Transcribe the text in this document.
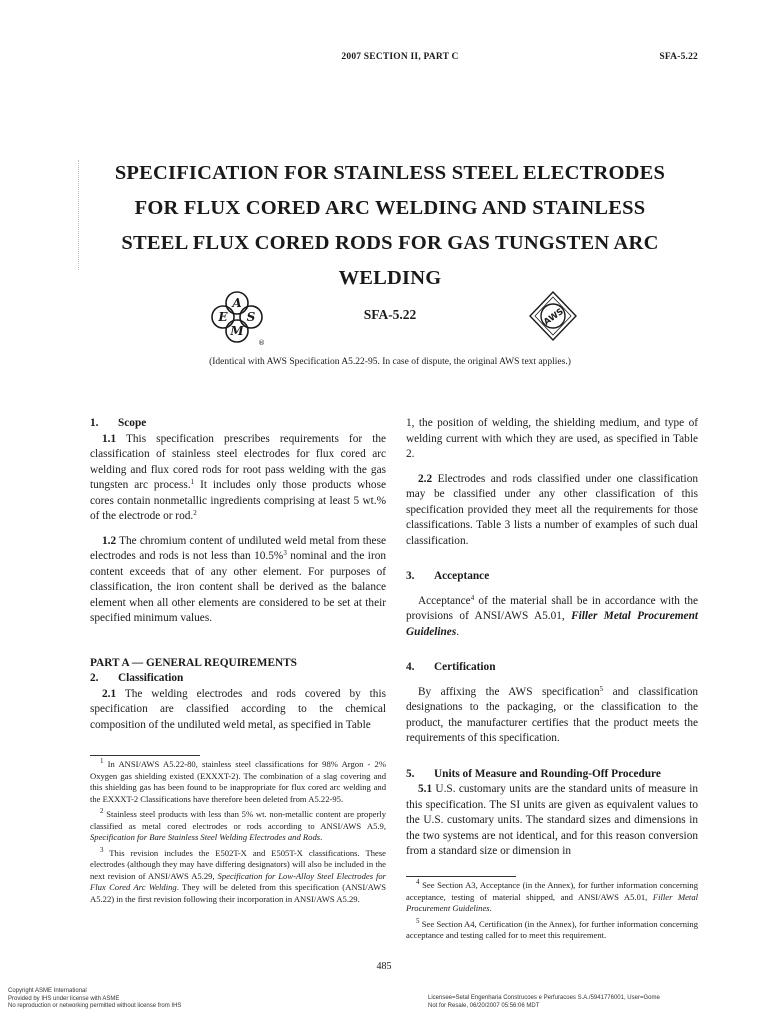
2007 SECTION II, PART C	SFA-5.22
SPECIFICATION FOR STAINLESS STEEL ELECTRODES
FOR FLUX CORED ARC WELDING AND STAINLESS
STEEL FLUX CORED RODS FOR GAS TUNGSTEN ARC
WELDING
A
E S
M
®
SFA-5.22	AWS
(Identical with AWS Specification A5.22-95. In case of dispute, the original AWS text applies.)

1. Scope

1.1 This specification prescribes requirements for the classification of stainless steel electrodes for flux cored arc welding and flux cored rods for root pass welding with the gas tungsten arc process.$^1$ It includes only those products whose cores contain nonmetallic ingredients comprising at least 5 wt.% of the electrode or rod.$^2$

1.2 The chromium content of undiluted weld metal from these electrodes and rods is not less than 10.5%$^3$ nominal and the iron content exceeds that of any other element. For purposes of classification, the iron content shall be derived as the balance element when all other elements are considered to be set at their specified minimum values.

PART A — GENERAL REQUIREMENTS

2. Classification

2.1 The welding electrodes and rods covered by this specification are classified according to the chemical composition of the undiluted weld metal, as specified in Table

$^1$ In ANSI/AWS A5.22-80, stainless steel classifications for 98% Argon - 2% Oxygen gas shielding existed (EXXXT-2). The combination of a slag covering and this shielding gas has been found to be inappropriate for flux cored arc welding and the EXXXT-2 Classifications have therefore been deleted from A5.22-95.

$^2$ Stainless steel products with less than 5% wt. non-metallic content are properly classified as metal cored electrodes or rods according to ANSI/AWS A5.9, Specification for Bare Stainless Steel Welding Electrodes and Rods.

$^3$ This revision includes the E502T-X and E505T-X classifications. These electrodes (although they may have differing designators) will also be included in the next revision of ANSI/AWS A5.29, Specification for Low-Alloy Steel Electrodes for Flux Cored Arc Welding. They will be deleted from this specification (ANSI/AWS A5.22) in the first revision following their incorporation in ANSI/AWS A5.29.

1, the position of welding, the shielding medium, and type of welding current with which they are used, as specified in Table 2.

2.2 Electrodes and rods classified under one classification may be classified under any other classification of this specification provided they meet all the requirements for those classifications. Table 3 lists a number of examples of such dual classification.

3. Acceptance

Acceptance$^4$ of the material shall be in accordance with the provisions of ANSI/AWS A5.01, Filler Metal Procurement Guidelines.

4. Certification

By affixing the AWS specification$^5$ and classification designations to the packaging, or the classification to the product, the manufacturer certifies that the product meets the requirements of this specification.

5. Units of Measure and Rounding-Off Procedure

5.1 U.S. customary units are the standard units of measure in this specification. The SI units are given as equivalent values to the U.S. customary units. The standard sizes and dimensions in the two systems are not identical, and for this reason conversion from a standard size or dimension in

$^4$ See Section A3, Acceptance (in the Annex), for further information concerning acceptance, testing of material shipped, and ANSI/AWS A5.01, Filler Metal Procurement Guidelines.

$^5$ See Section A4, Certification (in the Annex), for further information concerning acceptance and testing called for to meet this requirement.

485
Copyright ASME International
Provided by IHS under license with ASME
No reproduction or networking permitted without license from IHS
Licensee=Setal Engenharia Construcoes e Perfuracoes S.A./5941776001, User=Gome
Not for Resale, 06/20/2007 05:56:06 MDT
